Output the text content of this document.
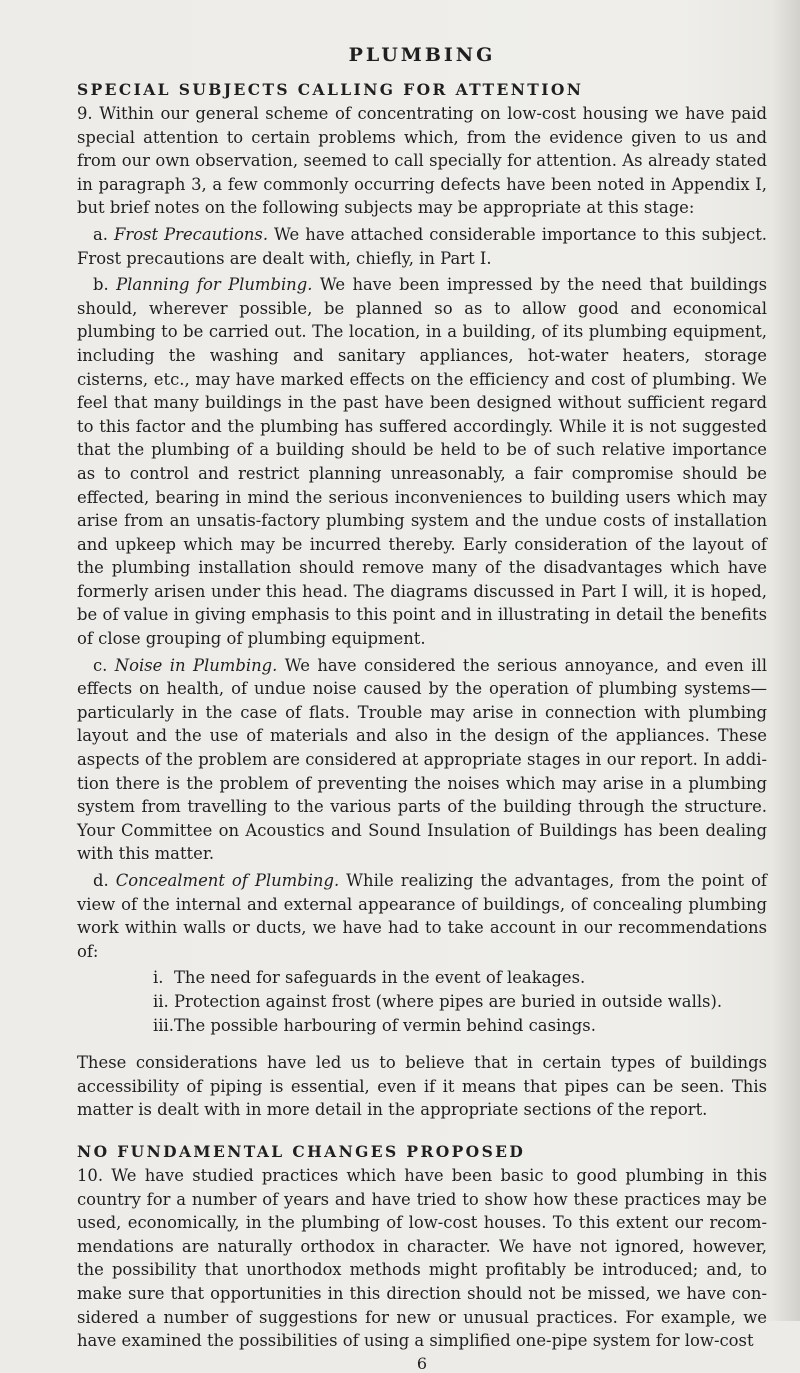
PLUMBING
SPECIAL SUBJECTS CALLING FOR ATTENTION

9. Within our general scheme of concentrating on low-cost housing we have paid special attention to certain problems which, from the evidence given to us and from our own observation, seemed to call specially for attention. As already stated in paragraph 3, a few commonly occurring defects have been noted in Appendix I, but brief notes on the following subjects may be appropriate at this stage:

a. Frost Precautions. We have attached considerable importance to this subject. Frost precautions are dealt with, chiefly, in Part I.

b. Planning for Plumbing. We have been impressed by the need that buildings should, wherever possible, be planned so as to allow good and economical plumbing to be carried out. The location, in a building, of its plumbing equipment, including the washing and sanitary appliances, hot-water heaters, storage cisterns, etc., may have marked effects on the efficiency and cost of plumbing. We feel that many buildings in the past have been designed without sufficient regard to this factor and the plumbing has suffered accordingly. While it is not suggested that the plumbing of a building should be held to be of such relative importance as to control and restrict planning unreasonably, a fair compromise should be effected, bearing in mind the serious inconveniences to building users which may arise from an unsatis-factory plumbing system and the undue costs of installation and upkeep which may be incurred thereby. Early consideration of the layout of the plumbing installation should remove many of the disadvantages which have formerly arisen under this head. The diagrams discussed in Part I will, it is hoped, be of value in giving emphasis to this point and in illustrating in detail the benefits of close grouping of plumbing equipment.

c. Noise in Plumbing. We have considered the serious annoyance, and even ill effects on health, of undue noise caused by the operation of plumbing systems— particularly in the case of flats. Trouble may arise in connection with plumbing layout and the use of materials and also in the design of the appliances. These aspects of the problem are considered at appropriate stages in our report. In addi-tion there is the problem of preventing the noises which may arise in a plumbing system from travelling to the various parts of the building through the structure. Your Committee on Acoustics and Sound Insulation of Buildings has been dealing with this matter.

d. Concealment of Plumbing. While realizing the advantages, from the point of view of the internal and external appearance of buildings, of concealing plumbing work within walls or ducts, we have had to take account in our recommendations of:

i. The need for safeguards in the event of leakages.

ii. Protection against frost (where pipes are buried in outside walls).

iii.The possible harbouring of vermin behind casings.

These considerations have led us to believe that in certain types of buildings accessibility of piping is essential, even if it means that pipes can be seen. This matter is dealt with in more detail in the appropriate sections of the report.

NO FUNDAMENTAL CHANGES PROPOSED

10. We have studied practices which have been basic to good plumbing in this country for a number of years and have tried to show how these practices may be used, economically, in the plumbing of low-cost houses. To this extent our recom-mendations are naturally orthodox in character. We have not ignored, however, the possibility that unorthodox methods might profitably be introduced; and, to make sure that opportunities in this direction should not be missed, we have con-sidered a number of suggestions for new or unusual practices. For example, we have examined the possibilities of using a simplified one-pipe system for low-cost

6
